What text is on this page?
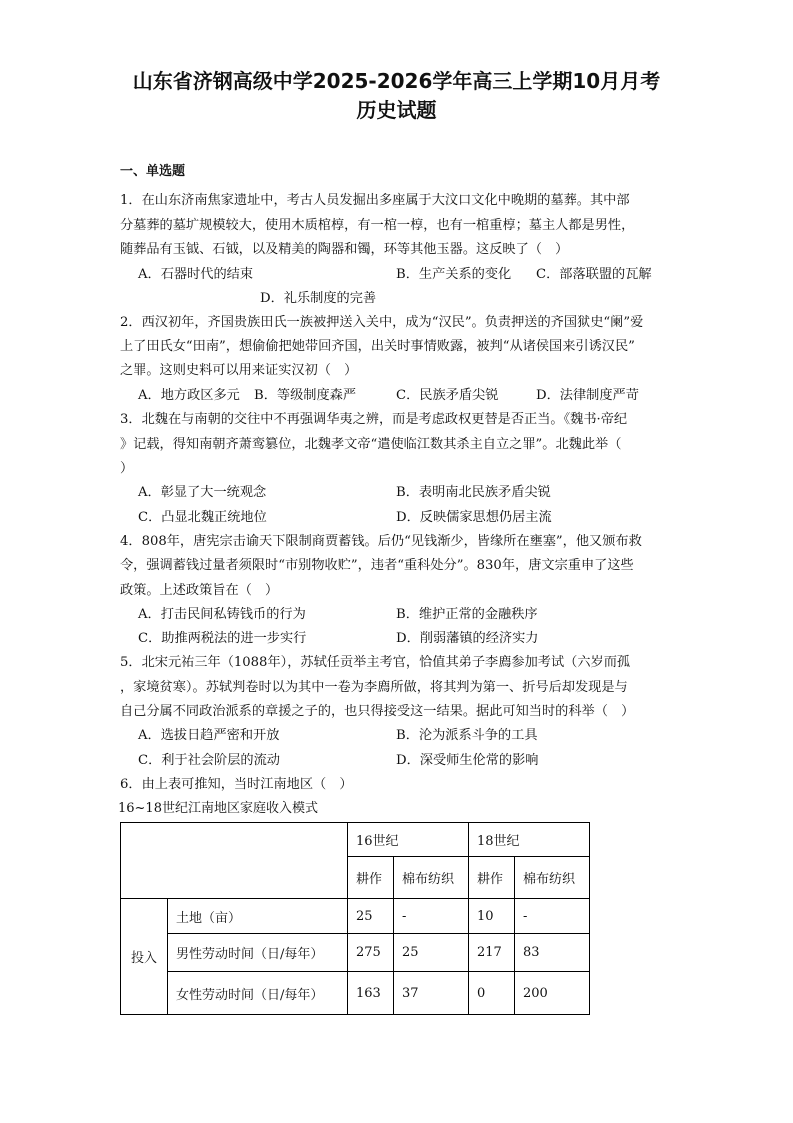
山东省济钢高级中学2025-2026学年高三上学期10月月考
历史试题
一、单选题
1．在山东济南焦家遗址中，考古人员发掘出多座属于大汶口文化中晚期的墓葬。其中部
分墓葬的墓圹规模较大，使用木质棺椁，有一棺一椁，也有一棺重椁；墓主人都是男性，
随葬品有玉钺、石钺，以及精美的陶器和镯，环等其他玉器。这反映了（　）
A．石器时代的结束	B．生产关系的变化 C．部落联盟的瓦解
D．礼乐制度的完善
2．西汉初年，齐国贵族田氏一族被押送入关中，成为“汉民”。负责押送的齐国狱史“阑”爱
上了田氏女“田南”，想偷偷把她带回齐国，出关时事情败露，被判“从诸侯国来引诱汉民”
之罪。这则史料可以用来证实汉初（　）
A．地方政区多元 B．等级制度森严	C．民族矛盾尖锐	D．法律制度严苛
3．北魏在与南朝的交往中不再强调华夷之辨，而是考虑政权更替是否正当。《魏书·帝纪
》记载，得知南朝齐萧鸾篡位，北魏孝文帝“遣使临江数其杀主自立之罪”。北魏此举（
）
A．彰显了大一统观念	B．表明南北民族矛盾尖锐
C．凸显北魏正统地位	D．反映儒家思想仍居主流
4．808年，唐宪宗击谕天下限制商贾蓄钱。后仍“见钱渐少，皆缘所在壅塞”，他又颁布救
令，强调蓄钱过量者须限时“市别物收贮”，违者“重科处分”。830年，唐文宗重申了这些
政策。上述政策旨在（　）
A．打击民间私铸钱币的行为	B．维护正常的金融秩序
C．助推两税法的进一步实行	D．削弱藩镇的经济实力
5．北宋元祐三年（1088年），苏轼任贡举主考官，恰值其弟子李廌参加考试（六岁而孤
，家境贫寒）。苏轼判卷时以为其中一卷为李廌所做，将其判为第一、折号后却发现是与
自己分属不同政治派系的章援之子的，也只得接受这一结果。据此可知当时的科举（　）
A．选拔日趋严密和开放	B．沦为派系斗争的工具
C．利于社会阶层的流动	D．深受师生伦常的影响
6．由上表可推知，当时江南地区（　）
16~18世纪江南地区家庭收入模式
		16世纪		18世纪	
		耕作	棉布纺织	耕作	棉布纺织
投入	土地（亩）	25	-	10	-
	男性劳动时间（日/每年）	275	25	217	83
	女性劳动时间（日/每年）	163	37	0	200
